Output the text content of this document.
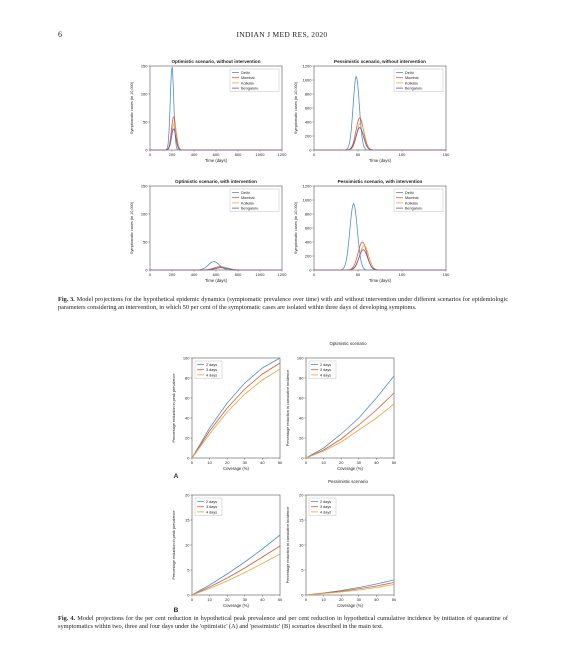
6	INDIAN J MED RES, 2020
Optimistic scenario, without intervention
0	200	400	600	800	1000	1200
0
50
100
150
Time (days)
Symptomatic cases (in 10,000)
Delhi
Mumbai
Kolkata
Bengaluru
Pessimistic scenario, without intervention
0	50	100	150
0
200
400
600
800
1000
1200
Time (days)
Symptomatic cases (in 10,000)
Delhi
Mumbai
Kolkata
Bengaluru
Optimistic scenario, with intervention
0	200	400	600	800	1000	1200
0
50
100
150
Time (days)
Symptomatic cases (in 10,000)
Delhi
Mumbai
Kolkata
Bengaluru
Pessimistic scenario, with intervention
0	50	100	150
0
200
400
600
800
1000
1200
Time (days)
Symptomatic cases (in 10,000)
Delhi
Mumbai
Kolkata
Bengaluru
0	10	20	30	40	50
0
20
40
60
80
100
Coverage (%)
Percentage reduction in peak prevalence
2 days
3 days
4 days
0	10	20	30	40	50
0
20
40
60
80
100
Coverage (%)
Percentage reduction in cumulative incidence
2 days
3 days
4 days
0	10	20	30	40	50
0
5
10
15
20
Coverage (%)
Percentage reduction in peak prevalence
2 days
3 days
4 days
0	10	20	30	40	50
0
5
10
15
20
Coverage (%)
Percentage reduction in cumulative incidence
2 days
3 days
4 days
Optimistic scenario
Pessimistic scenario
A
B
Fig. 3. Model projections for the hypothetical epidemic dynamics (symptomatic prevalence over time) with and without intervention under different scenarios for epidemiologic parameters considering an intervention, in which 50 per cent of the symptomatic cases are isolated within three days of developing symptoms.
Fig. 4. Model projections for the per cent reduction in hypothetical peak prevalence and per cent reduction in hypothetical cumulative incidence by initiation of quarantine of symptomatics within two, three and four days under the 'optimistic' (A) and 'pessimistic' (B) scenarios described in the main text.
